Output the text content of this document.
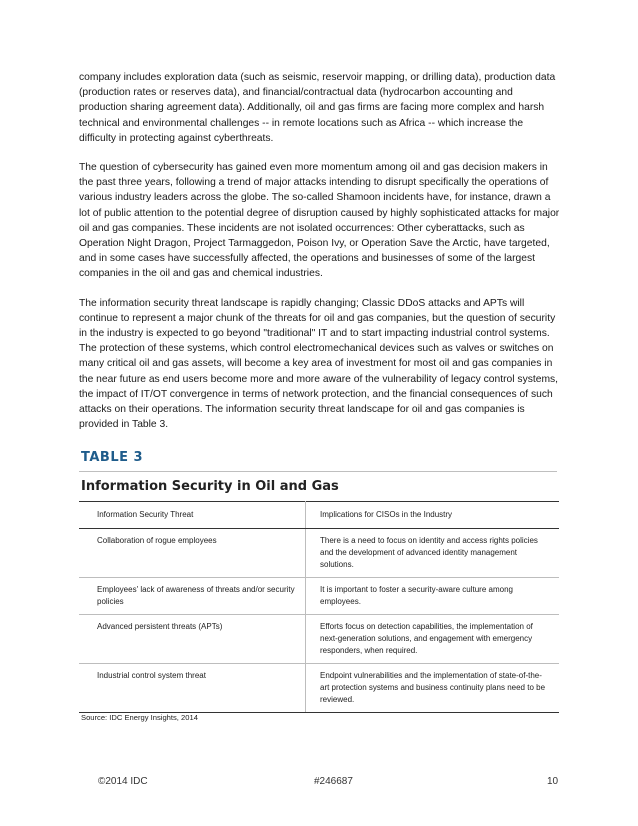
company includes exploration data (such as seismic, reservoir mapping, or drilling data), production data (production rates or reserves data), and financial/contractual data (hydrocarbon accounting and production sharing agreement data). Additionally, oil and gas firms are facing more complex and harsh technical and environmental challenges -- in remote locations such as Africa -- which increase the difficulty in protecting against cyberthreats.

The question of cybersecurity has gained even more momentum among oil and gas decision makers in the past three years, following a trend of major attacks intending to disrupt specifically the operations of various industry leaders across the globe. The so-called Shamoon incidents have, for instance, drawn a lot of public attention to the potential degree of disruption caused by highly sophisticated attacks for major oil and gas companies. These incidents are not isolated occurrences: Other cyberattacks, such as Operation Night Dragon, Project Tarmaggedon, Poison Ivy, or Operation Save the Arctic, have targeted, and in some cases have successfully affected, the operations and businesses of some of the largest companies in the oil and gas and chemical industries.

The information security threat landscape is rapidly changing; Classic DDoS attacks and APTs will continue to represent a major chunk of the threats for oil and gas companies, but the question of security in the industry is expected to go beyond "traditional" IT and to start impacting industrial control systems. The protection of these systems, which control electromechanical devices such as valves or switches on many critical oil and gas assets, will become a key area of investment for most oil and gas companies in the near future as end users become more and more aware of the vulnerability of legacy control systems, the impact of IT/OT convergence in terms of network protection, and the financial consequences of such attacks on their operations. The information security threat landscape for oil and gas companies is provided in Table 3.

TABLE 3
Information Security in Oil and Gas
Information Security Threat	Implications for CISOs in the Industry
Collaboration of rogue employees	There is a need to focus on identity and access rights policies and the development of advanced identity management solutions.
Employees' lack of awareness of threats and/or security policies	It is important to foster a security-aware culture among employees.
Advanced persistent threats (APTs)	Efforts focus on detection capabilities, the implementation of next-generation solutions, and engagement with emergency responders, when required.
Industrial control system threat	Endpoint vulnerabilities and the implementation of state-of-the-art protection systems and business continuity plans need to be reviewed.
Source: IDC Energy Insights, 2014
©2014 IDC	#246687	10
